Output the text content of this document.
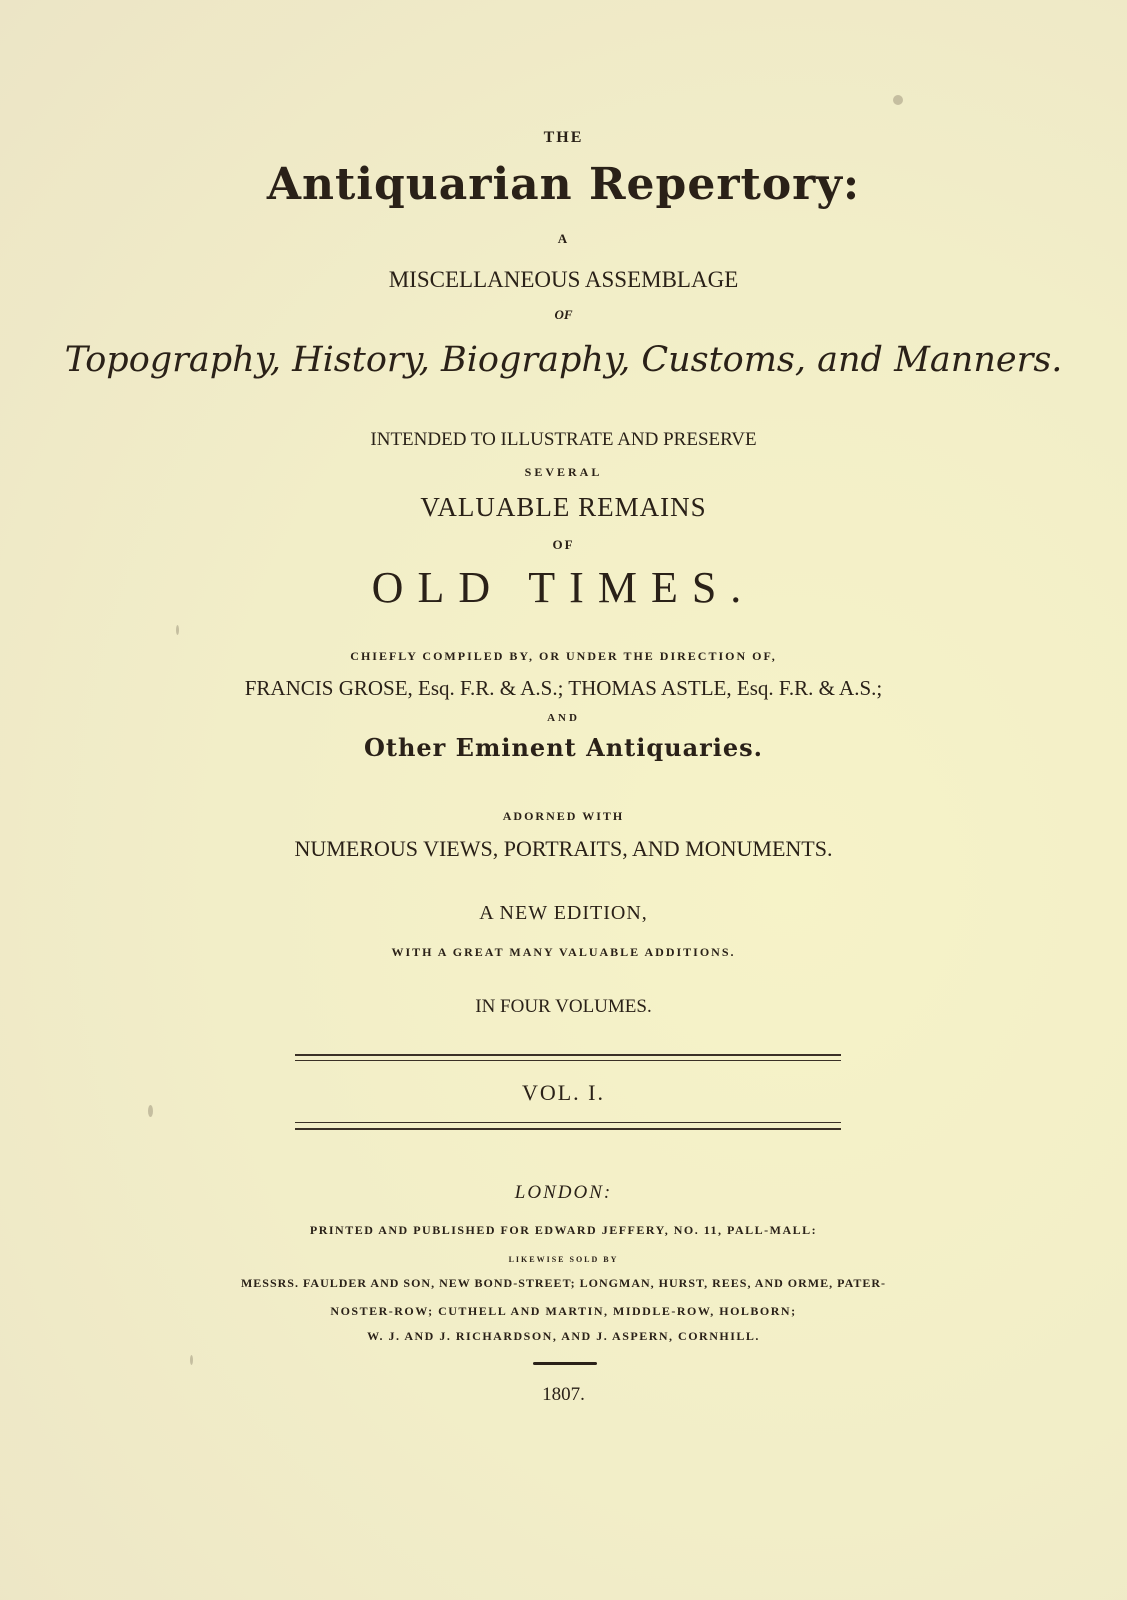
THE
Antiquarian Repertory:
A
MISCELLANEOUS ASSEMBLAGE
OF
Topography, History, Biography, Customs, and Manners.
INTENDED TO ILLUSTRATE AND PRESERVE
SEVERAL
VALUABLE REMAINS
OF
OLD TIMES.
CHIEFLY COMPILED BY, OR UNDER THE DIRECTION OF,
FRANCIS GROSE, Esq. F.R. & A.S.; THOMAS ASTLE, Esq. F.R. & A.S.;
AND
Other Eminent Antiquaries.
ADORNED WITH
NUMEROUS VIEWS, PORTRAITS, AND MONUMENTS.
A NEW EDITION,
WITH A GREAT MANY VALUABLE ADDITIONS.
IN FOUR VOLUMES.
VOL. I.
LONDON:
PRINTED AND PUBLISHED FOR EDWARD JEFFERY, NO. 11, PALL-MALL:
LIKEWISE SOLD BY
MESSRS. FAULDER AND SON, NEW BOND-STREET; LONGMAN, HURST, REES, AND ORME, PATER-
NOSTER-ROW; CUTHELL AND MARTIN, MIDDLE-ROW, HOLBORN;
W. J. AND J. RICHARDSON, AND J. ASPERN, CORNHILL.
1807.
